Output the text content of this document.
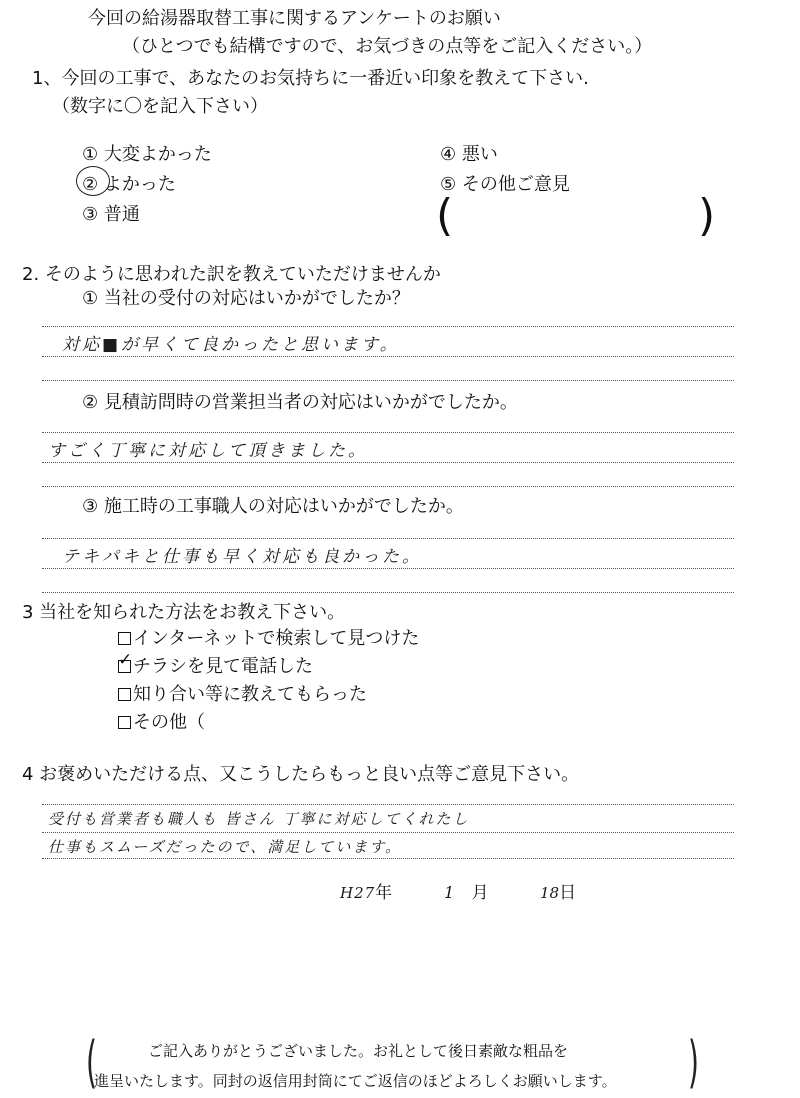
今回の給湯器取替工事に関するアンケートのお願い
（ひとつでも結構ですので、お気づきの点等をご記入ください。）
1、今回の工事で、あなたのお気持ちに一番近い印象を教えて下さい.
（数字に〇を記入下さい）
① 大変よかった
② よかった
③ 普通
④ 悪い
⑤ その他ご意見
(	)
2. そのように思われた訳を教えていただけませんか
① 当社の受付の対応はいかがでしたか？
対応■が早くて良かったと思います。
② 見積訪問時の営業担当者の対応はいかがでしたか。
すごく丁寧に対応して頂きました。
③ 施工時の工事職人の対応はいかがでしたか。
テキパキと仕事も早く対応も良かった。
3 当社を知られた方法をお教え下さい。
インターネットで検索して見つけた
✓チラシを見て電話した
知り合い等に教えてもらった
その他（
4 お褒めいただける点、又こうしたらもっと良い点等ご意見下さい。
受付も営業者も職人も 皆さん 丁寧に対応してくれたし
仕事もスムーズだったので、満足しています。
H27年	1 月	18日
(	)
ご記入ありがとうございました。お礼として後日素敵な粗品を
進呈いたします。同封の返信用封筒にてご返信のほどよろしくお願いします。
